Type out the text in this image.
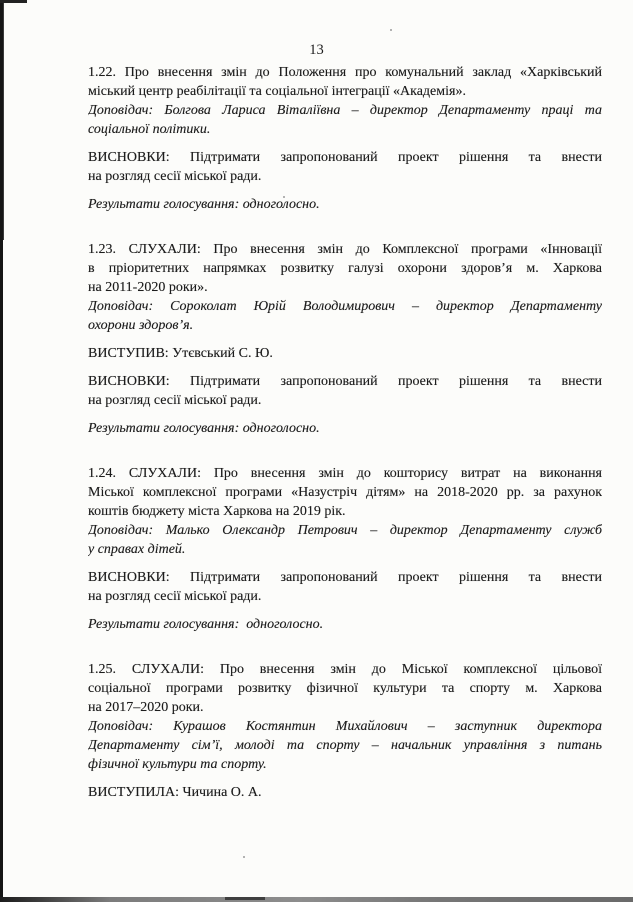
13
1.22. Про внесення змін до Положення про комунальний заклад «Харківський
міський центр реабілітації та соціальної інтеграції «Академія».
Доповідач: Болгова Лариса Віталіївна – директор Департаменту праці та
соціальної політики.
ВИСНОВКИ: Підтримати запропонований проект рішення та внести
на розгляд сесії міської ради.
Результати голосування: одноголосно.
1.23. СЛУХАЛИ: Про внесення змін до Комплексної програми «Інновації
в пріоритетних напрямках розвитку галузі охорони здоров’я м. Харкова
на 2011-2020 роки».
Доповідач: Сороколат Юрій Володимирович – директор Департаменту
охорони здоров’я.
ВИСТУПИВ: Утєвський С. Ю.
ВИСНОВКИ: Підтримати запропонований проект рішення та внести
на розгляд сесії міської ради.
Результати голосування: одноголосно.
1.24. СЛУХАЛИ: Про внесення змін до кошторису витрат на виконання
Міської комплексної програми «Назустріч дітям» на 2018-2020 рр. за рахунок
коштів бюджету міста Харкова на 2019 рік.
Доповідач: Малько Олександр Петрович – директор Департаменту служб
у справах дітей.
ВИСНОВКИ: Підтримати запропонований проект рішення та внести
на розгляд сесії міської ради.
Результати голосування:  одноголосно.
1.25. СЛУХАЛИ: Про внесення змін до Міської комплексної цільової
соціальної програми розвитку фізичної культури та спорту м. Харкова
на 2017–2020 роки.
Доповідач: Курашов Костянтин Михайлович – заступник директора
Департаменту сім’ї, молоді та спорту – начальник управління з питань
фізичної культури та спорту.
ВИСТУПИЛА: Чичина О. А.
